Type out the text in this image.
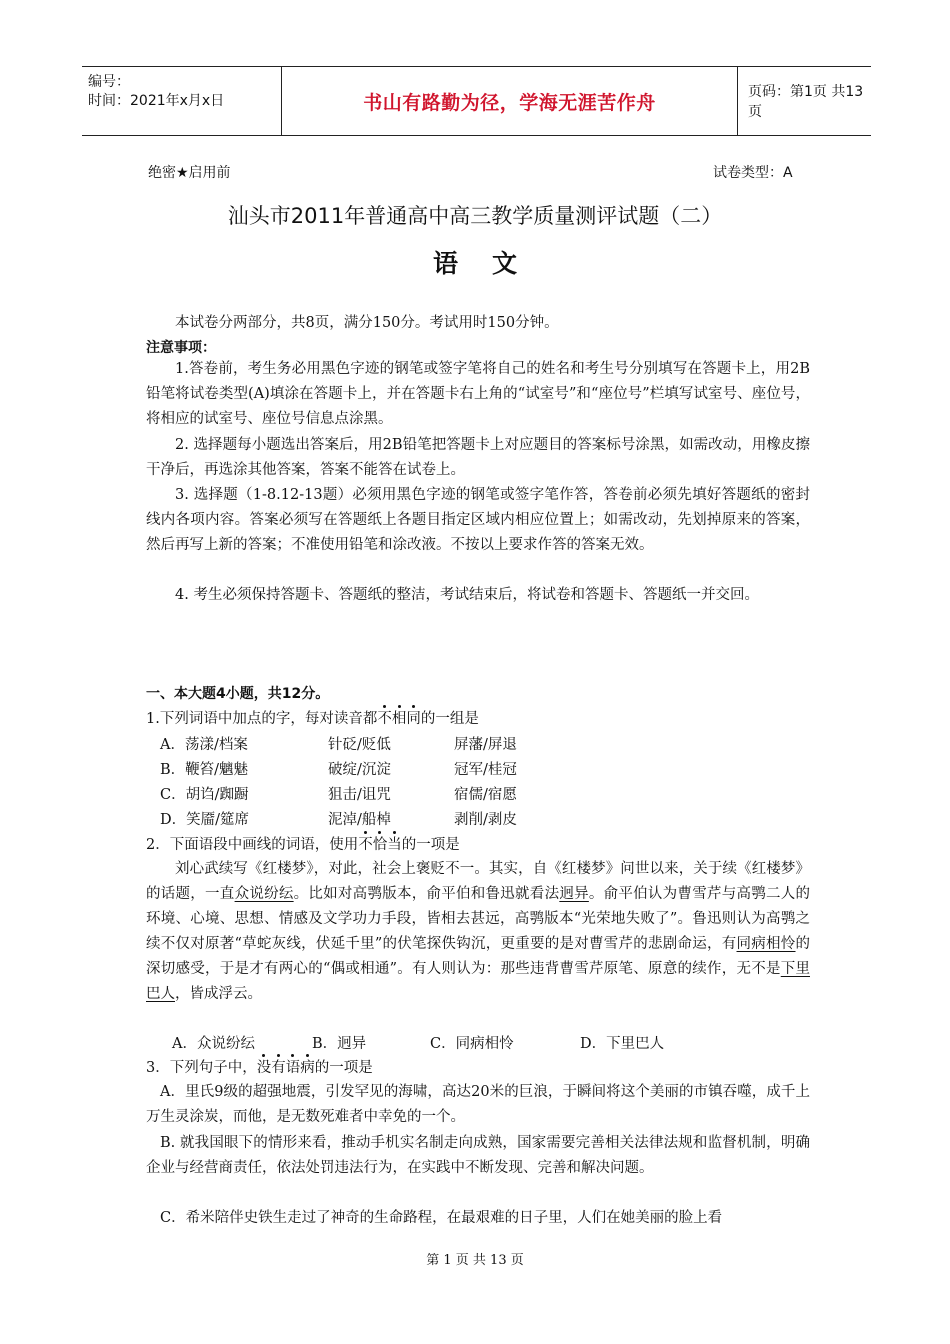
编号：
时间：2021年x月x日	书山有路勤为径，学海无涯苦作舟	页码：第1页 共13页
绝密★启用前	试卷类型：A
汕头市2011年普通高中高三教学质量测评试题（二）
语文
本试卷分两部分，共8页，满分150分。考试用时150分钟。
注意事项：
1.答卷前，考生务必用黑色字迹的钢笔或签字笔将自己的姓名和考生号分别填写在答题卡上，用2B铅笔将试卷类型(A)填涂在答题卡上，并在答题卡右上角的“试室号”和“座位号”栏填写试室号、座位号，将相应的试室号、座位号信息点涂黑。
2. 选择题每小题选出答案后，用2B铅笔把答题卡上对应题目的答案标号涂黑，如需改动，用橡皮擦干净后，再选涂其他答案，答案不能答在试卷上。
3. 选择题（1-8.12-13题）必须用黑色字迹的钢笔或签字笔作答，答卷前必须先填好答题纸的密封线内各项内容。答案必须写在答题纸上各题目指定区域内相应位置上；如需改动，先划掉原来的答案，然后再写上新的答案；不准使用铅笔和涂改液。不按以上要求作答的答案无效。
4. 考生必须保持答题卡、答题纸的整洁，考试结束后，将试卷和答题卡、答题纸一并交回。
一、本大题4小题，共12分。
1.下列词语中加点的字，每对读音都不相同的一组是
A．荡漾/档案	针砭/贬低	屏藩/屏退
B．鞭笞/魑魅	破绽/沉淀	冠军/桂冠
C．胡诌/踟蹰	狙击/诅咒	宿儒/宿愿
D．笑靥/筵席	泥淖/船棹	剥削/剥皮
2．下面语段中画线的词语，使用不恰当的一项是
刘心武续写《红楼梦》，对此，社会上褒贬不一。其实，自《红楼梦》问世以来，关于续《红楼梦》的话题，一直众说纷纭。比如对高鹗版本，俞平伯和鲁迅就看法迥异。俞平伯认为曹雪芹与高鹗二人的环境、心境、思想、情感及文学功力手段，皆相去甚远，高鹗版本“光荣地失败了”。鲁迅则认为高鹗之续不仅对原著“草蛇灰线，伏延千里”的伏笔探佚钩沉，更重要的是对曹雪芹的悲剧命运，有同病相怜的深切感受，于是才有两心的“偶或相通”。有人则认为：那些违背曹雪芹原笔、原意的续作，无不是下里巴人，皆成浮云。
A．众说纷纭	B．迥异	C．同病相怜	D．下里巴人
3．下列句子中，没有语病的一项是
A．里氏9级的超强地震，引发罕见的海啸，高达20米的巨浪，于瞬间将这个美丽的市镇吞噬，成千上万生灵涂炭，而他，是无数死难者中幸免的一个。
B. 就我国眼下的情形来看，推动手机实名制走向成熟，国家需要完善相关法律法规和监督机制，明确企业与经营商责任，依法处罚违法行为，在实践中不断发现、完善和解决问题。
C．希米陪伴史铁生走过了神奇的生命路程，在最艰难的日子里，人们在她美丽的脸上看
第 1 页 共 13 页
